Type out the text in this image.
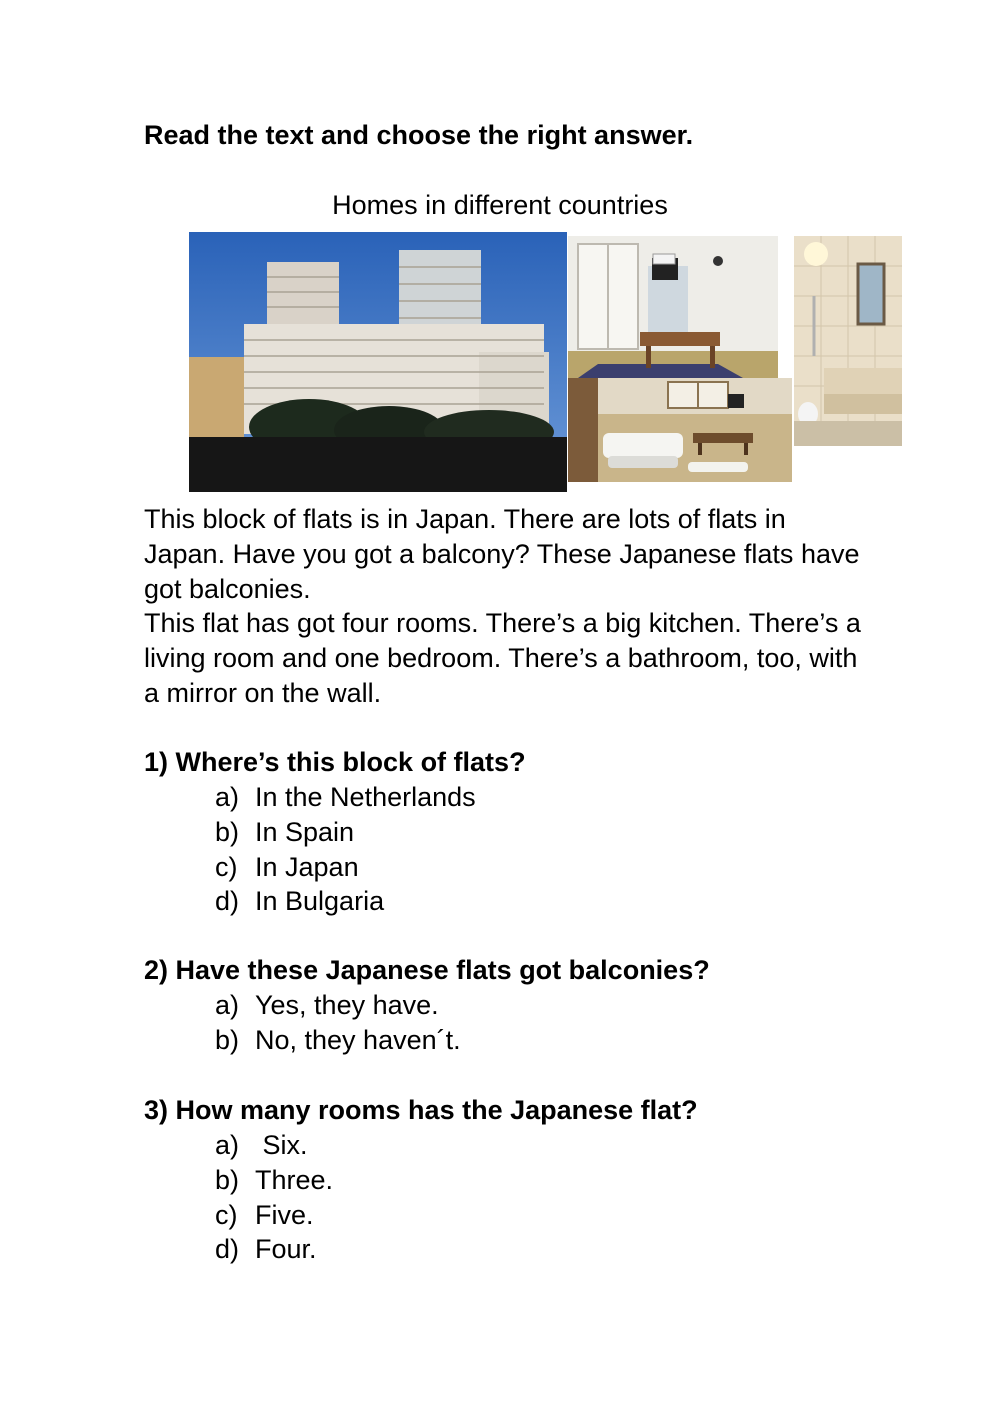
Read the text and choose the right answer.

Homes in different countries

This block of flats is in Japan. There are lots of flats in Japan. Have you got a balcony? These Japanese flats have got balconies.

This flat has got four rooms. There’s a big kitchen. There’s a living room and one bedroom. There’s a bathroom, too, with a mirror on the wall.

1) Where’s this block of flats?

a) In the Netherlands
b) In Spain
c) In Japan
d) In Bulgaria

2) Have these Japanese flats got balconies?

a) Yes, they have.
b) No, they haven´t.

3) How many rooms has the Japanese flat?

a) Six.
b) Three.
c) Five.
d) Four.
